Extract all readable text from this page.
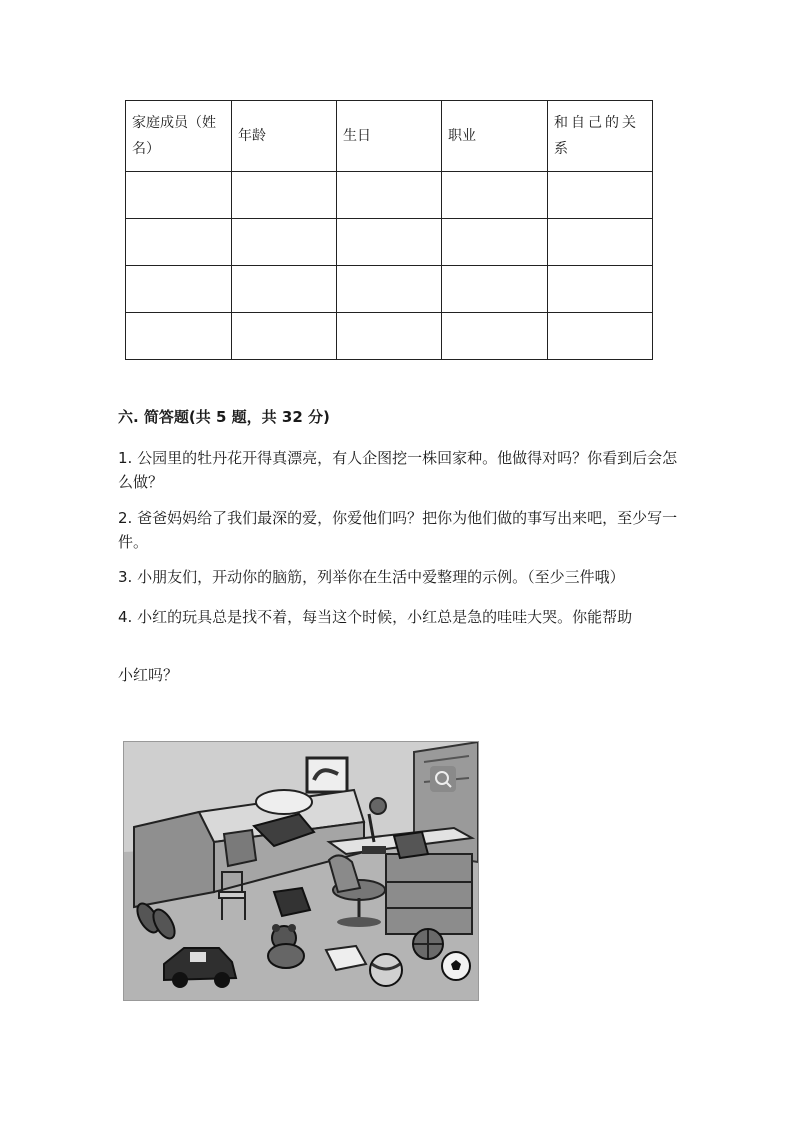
家庭成员（姓名）	年龄	生日	职业	和自己的关系

六. 简答题(共 5 题，共 32 分)

1. 公园里的牡丹花开得真漂亮，有人企图挖一株回家种。他做得对吗？你看到后会怎么做？

2. 爸爸妈妈给了我们最深的爱，你爱他们吗？把你为他们做的事写出来吧，至少写一件。

3. 小朋友们，开动你的脑筋，列举你在生活中爱整理的示例。（至少三件哦）

4. 小红的玩具总是找不着，每当这个时候，小红总是急的哇哇大哭。你能帮助

小红吗？
